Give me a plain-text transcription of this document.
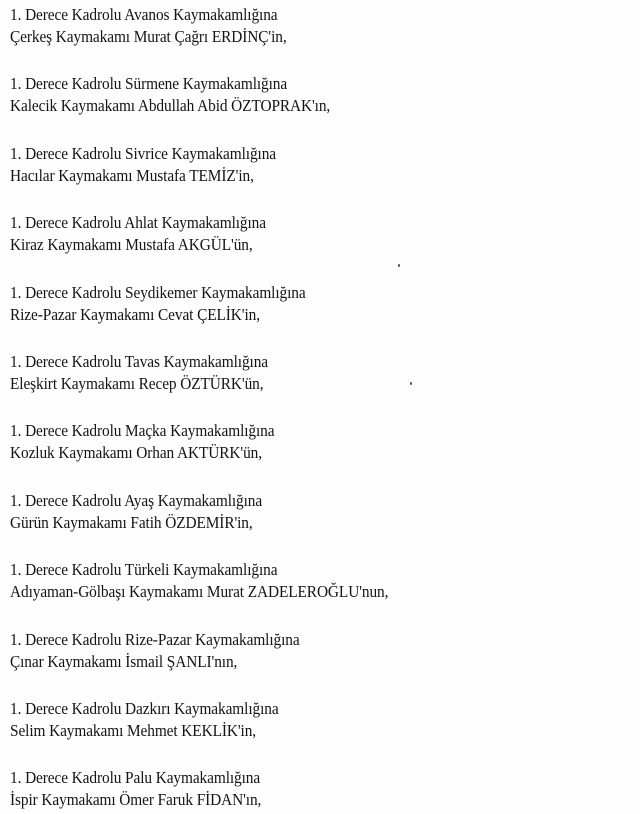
1. Derece Kadrolu Avanos Kaymakamlığına
Çerkeş Kaymakamı Murat Çağrı ERDİNÇ'in,
1. Derece Kadrolu Sürmene Kaymakamlığına
Kalecik Kaymakamı Abdullah Abid ÖZTOPRAK'ın,
1. Derece Kadrolu Sivrice Kaymakamlığına
Hacılar Kaymakamı Mustafa TEMİZ'in,
1. Derece Kadrolu Ahlat Kaymakamlığına
Kiraz Kaymakamı Mustafa AKGÜL'ün,
1. Derece Kadrolu Seydikemer Kaymakamlığına
Rize-Pazar Kaymakamı Cevat ÇELİK'in,
1. Derece Kadrolu Tavas Kaymakamlığına
Eleşkirt Kaymakamı Recep ÖZTÜRK'ün,
1. Derece Kadrolu Maçka Kaymakamlığına
Kozluk Kaymakamı Orhan AKTÜRK'ün,
1. Derece Kadrolu Ayaş Kaymakamlığına
Gürün Kaymakamı Fatih ÖZDEMİR'in,
1. Derece Kadrolu Türkeli Kaymakamlığına
Adıyaman-Gölbaşı Kaymakamı Murat ZADELEROĞLU'nun,
1. Derece Kadrolu Rize-Pazar Kaymakamlığına
Çınar Kaymakamı İsmail ŞANLI'nın,
1. Derece Kadrolu Dazkırı Kaymakamlığına
Selim Kaymakamı Mehmet KEKLİK'in,
1. Derece Kadrolu Palu Kaymakamlığına
İspir Kaymakamı Ömer Faruk FİDAN'ın,
